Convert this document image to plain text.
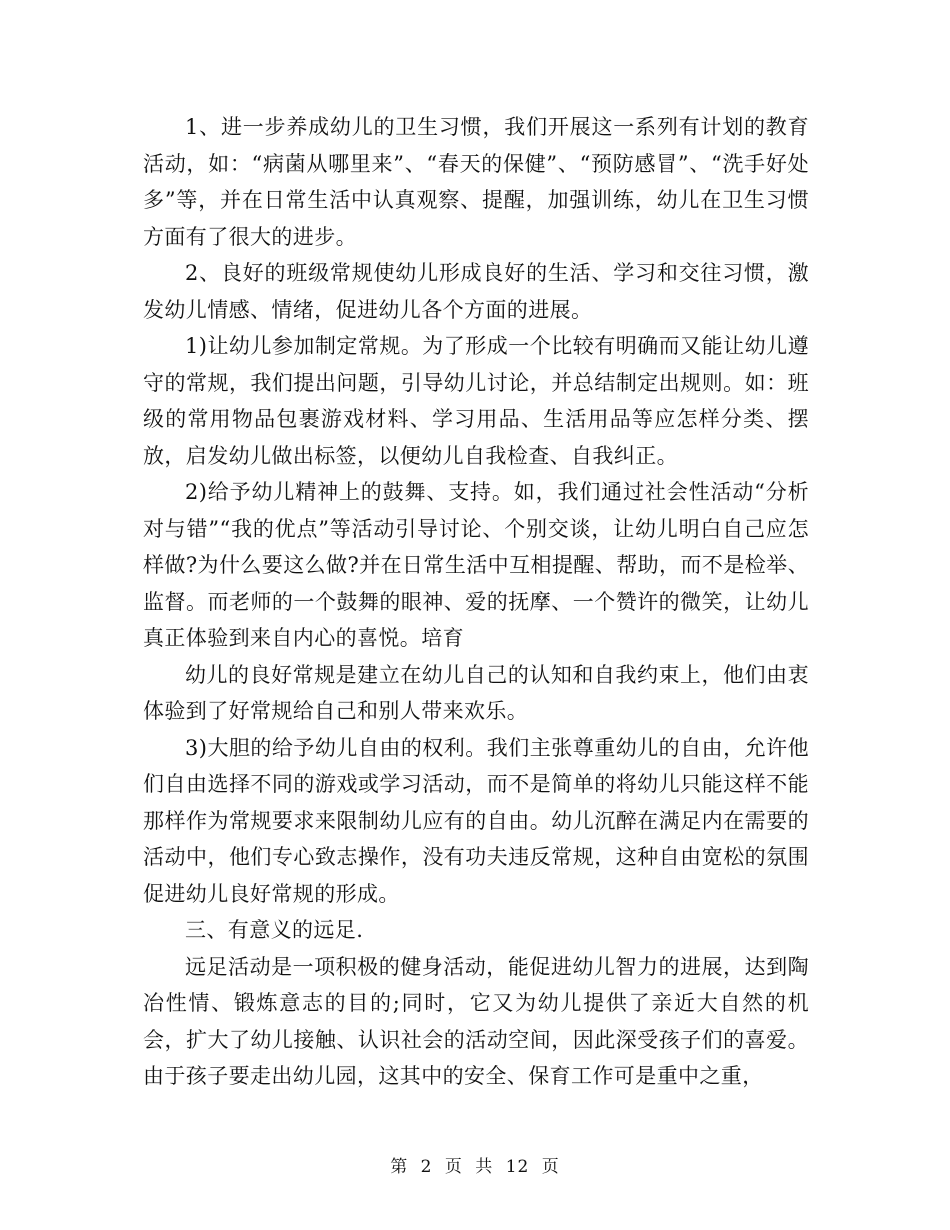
1、进一步养成幼儿的卫生习惯，我们开展这一系列有计划的教育活动，如：“病菌从哪里来”、“春天的保健”、“预防感冒”、“洗手好处多”等，并在日常生活中认真观察、提醒，加强训练，幼儿在卫生习惯方面有了很大的进步。

2、良好的班级常规使幼儿形成良好的生活、学习和交往习惯，激发幼儿情感、情绪，促进幼儿各个方面的进展。

1)让幼儿参加制定常规。为了形成一个比较有明确而又能让幼儿遵守的常规，我们提出问题，引导幼儿讨论，并总结制定出规则。如：班级的常用物品包裹游戏材料、学习用品、生活用品等应怎样分类、摆放，启发幼儿做出标签，以便幼儿自我检查、自我纠正。

2)给予幼儿精神上的鼓舞、支持。如，我们通过社会性活动“分析对与错”“我的优点”等活动引导讨论、个别交谈，让幼儿明白自己应怎样做?为什么要这么做?并在日常生活中互相提醒、帮助，而不是检举、监督。而老师的一个鼓舞的眼神、爱的抚摩、一个赞许的微笑，让幼儿真正体验到来自内心的喜悦。培育

幼儿的良好常规是建立在幼儿自己的认知和自我约束上，他们由衷体验到了好常规给自己和别人带来欢乐。

3)大胆的给予幼儿自由的权利。我们主张尊重幼儿的自由，允许他们自由选择不同的游戏或学习活动，而不是简单的将幼儿只能这样不能那样作为常规要求来限制幼儿应有的自由。幼儿沉醉在满足内在需要的活动中，他们专心致志操作，没有功夫违反常规，这种自由宽松的氛围促进幼儿良好常规的形成。

三、有意义的远足.

远足活动是一项积极的健身活动，能促进幼儿智力的进展，达到陶冶性情、锻炼意志的目的;同时，它又为幼儿提供了亲近大自然的机会，扩大了幼儿接触、认识社会的活动空间，因此深受孩子们的喜爱。由于孩子要走出幼儿园，这其中的安全、保育工作可是重中之重，

第 2 页 共 12 页
